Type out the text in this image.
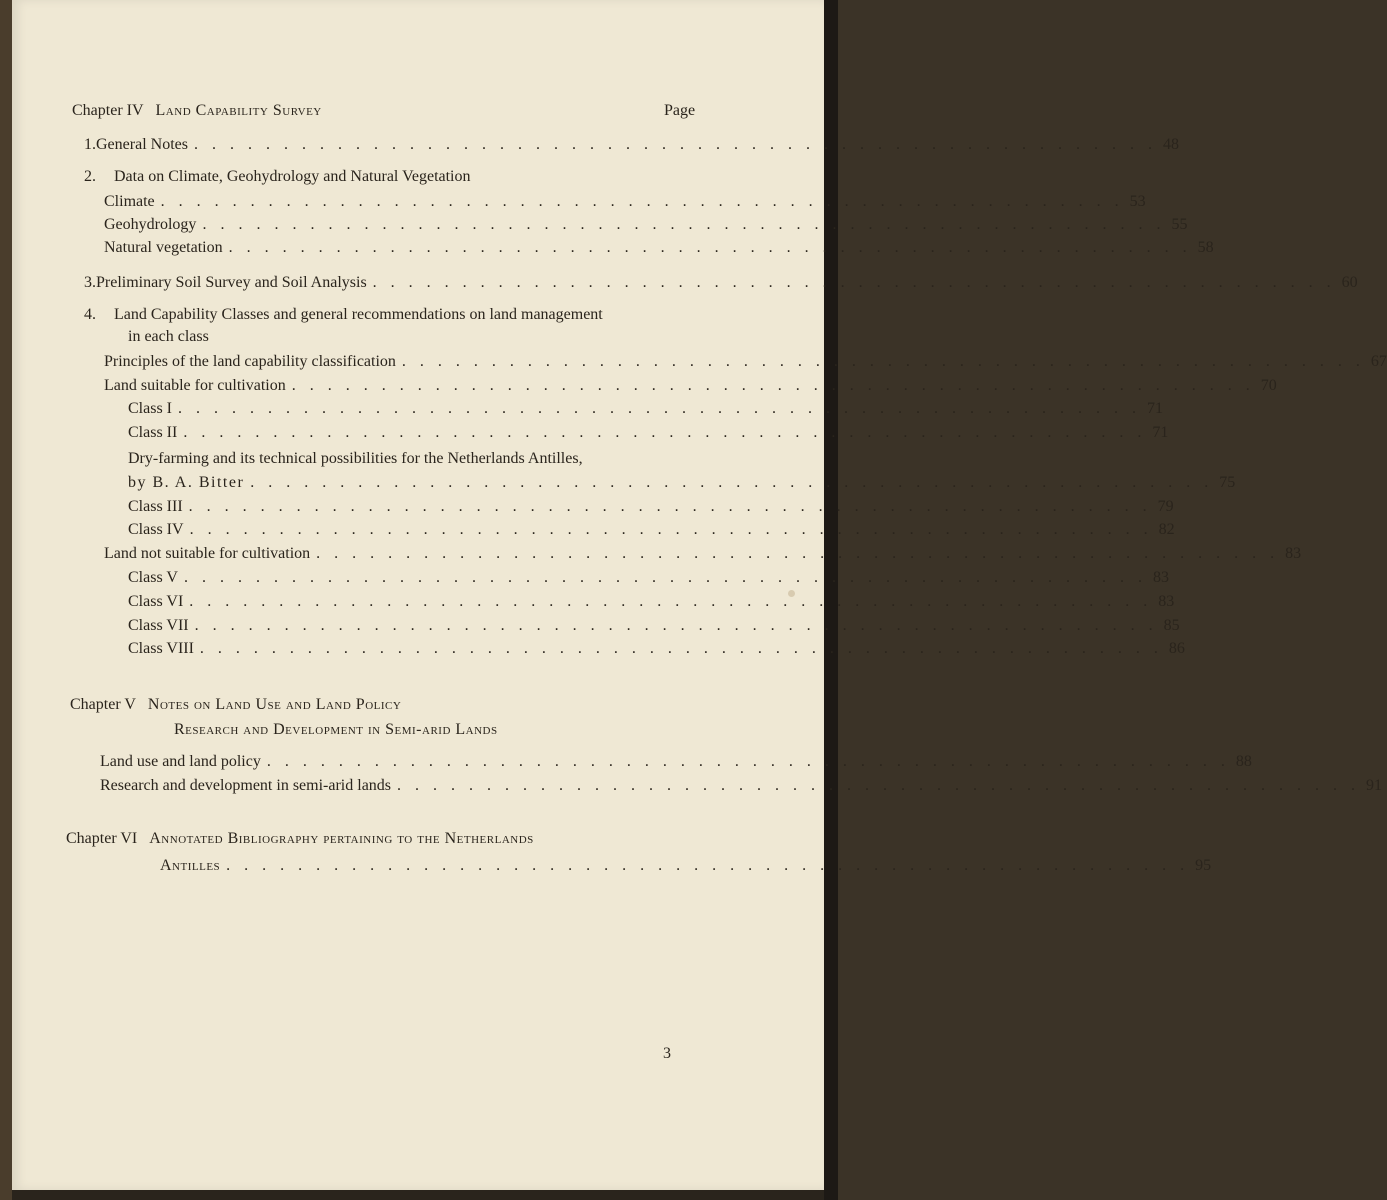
Chapter IV Land Capability Survey	Page
1. General Notes . . . . . . . . . . . . . . . . . . . . . . . . . . . . . . . . . . . . . . . . . . . . . . . . . . . . . . 48
2. Data on Climate, Geohydrology and Natural Vegetation
Climate . . . . . . . . . . . . . . . . . . . . . . . . . . . . . . . . . . . . . . . . . . . . . . . . . . . . . . 53
Geohydrology . . . . . . . . . . . . . . . . . . . . . . . . . . . . . . . . . . . . . . . . . . . . . . . . . . . . . . 55
Natural vegetation . . . . . . . . . . . . . . . . . . . . . . . . . . . . . . . . . . . . . . . . . . . . . . . . . . . . . . 58
3. Preliminary Soil Survey and Soil Analysis . . . . . . . . . . . . . . . . . . . . . . . . . . . . . . . . . . . . . . . . . . . . . . . . . . . . . . 60
4. Land Capability Classes and general recommendations on land management
in each class
Principles of the land capability classification . . . . . . . . . . . . . . . . . . . . . . . . . . . . . . . . . . . . . . . . . . . . . . . . . . . . . . 67
Land suitable for cultivation . . . . . . . . . . . . . . . . . . . . . . . . . . . . . . . . . . . . . . . . . . . . . . . . . . . . . . 70
Class I . . . . . . . . . . . . . . . . . . . . . . . . . . . . . . . . . . . . . . . . . . . . . . . . . . . . . . 71
Class II . . . . . . . . . . . . . . . . . . . . . . . . . . . . . . . . . . . . . . . . . . . . . . . . . . . . . . 71
Dry-farming and its technical possibilities for the Netherlands Antilles,
by B. A. Bitter . . . . . . . . . . . . . . . . . . . . . . . . . . . . . . . . . . . . . . . . . . . . . . . . . . . . . . 75
Class III . . . . . . . . . . . . . . . . . . . . . . . . . . . . . . . . . . . . . . . . . . . . . . . . . . . . . . 79
Class IV . . . . . . . . . . . . . . . . . . . . . . . . . . . . . . . . . . . . . . . . . . . . . . . . . . . . . . 82
Land not suitable for cultivation . . . . . . . . . . . . . . . . . . . . . . . . . . . . . . . . . . . . . . . . . . . . . . . . . . . . . . 83
Class V . . . . . . . . . . . . . . . . . . . . . . . . . . . . . . . . . . . . . . . . . . . . . . . . . . . . . . 83
Class VI . . . . . . . . . . . . . . . . . . . . . . . . . . . . . . . . . . . . . . . . . . . . . . . . . . . . . . 83
Class VII . . . . . . . . . . . . . . . . . . . . . . . . . . . . . . . . . . . . . . . . . . . . . . . . . . . . . . 85
Class VIII . . . . . . . . . . . . . . . . . . . . . . . . . . . . . . . . . . . . . . . . . . . . . . . . . . . . . . 86
Chapter V Notes on Land Use and Land Policy
Research and Development in Semi-arid Lands
Land use and land policy . . . . . . . . . . . . . . . . . . . . . . . . . . . . . . . . . . . . . . . . . . . . . . . . . . . . . . 88
Research and development in semi-arid lands . . . . . . . . . . . . . . . . . . . . . . . . . . . . . . . . . . . . . . . . . . . . . . . . . . . . . . 91
Chapter VI Annotated Bibliography pertaining to the Netherlands
Antilles . . . . . . . . . . . . . . . . . . . . . . . . . . . . . . . . . . . . . . . . . . . . . . . . . . . . . . 95
3
